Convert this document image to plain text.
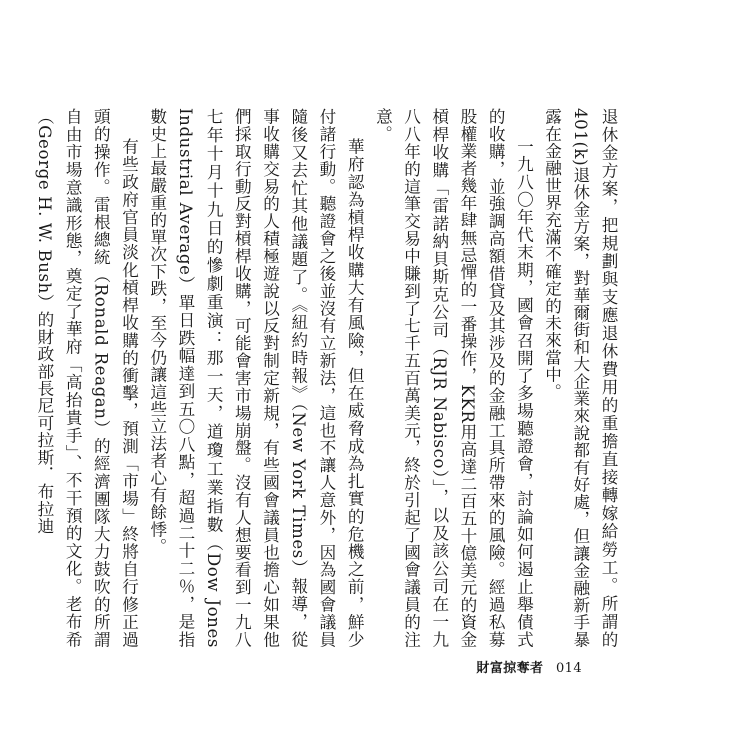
退休金方案，把規劃與支應退休費用的重擔直接轉嫁給勞工。所謂的401(k)退休金方案，對華爾街和大企業來說都有好處，但讓金融新手暴露在金融世界充滿不確定的未來當中。

一九八〇年代末期，國會召開了多場聽證會，討論如何遏止舉債式的收購，並強調高額借貸及其涉及的金融工具所帶來的風險。經過私募股權業者幾年肆無忌憚的一番操作，KKR用高達二百五十億美元的資金槓桿收購「雷諾納貝斯克公司（RJR Nabisco）」，以及該公司在一九八八年的這筆交易中賺到了七千五百萬美元，終於引起了國會議員的注意。

華府認為槓桿收購大有風險，但在威脅成為扎實的危機之前，鮮少付諸行動。聽證會之後並沒有立新法，這也不讓人意外，因為國會議員隨後又去忙其他議題了。《紐約時報》（New York Times）報導，從事收購交易的人積極遊說以反對制定新規，有些國會議員也擔心如果他們採取行動反對槓桿收購，可能會害市場崩盤。沒有人想要看到一九八七年十月十九日的慘劇重演：那一天，道瓊工業指數（Dow Jones Industrial Average）單日跌幅達到五〇八點，超過二十二％，是指數史上最嚴重的單次下跌，至今仍讓這些立法者心有餘悸。

有些政府官員淡化槓桿收購的衝擊，預測「市場」終將自行修正過頭的操作。雷根總統（Ronald Reagan）的經濟團隊大力鼓吹的所謂自由市場意識形態，奠定了華府「高抬貴手」、不干預的文化。老布希（George H. W. Bush）的財政部長尼可拉斯．布拉迪

財富掠奪者 014
